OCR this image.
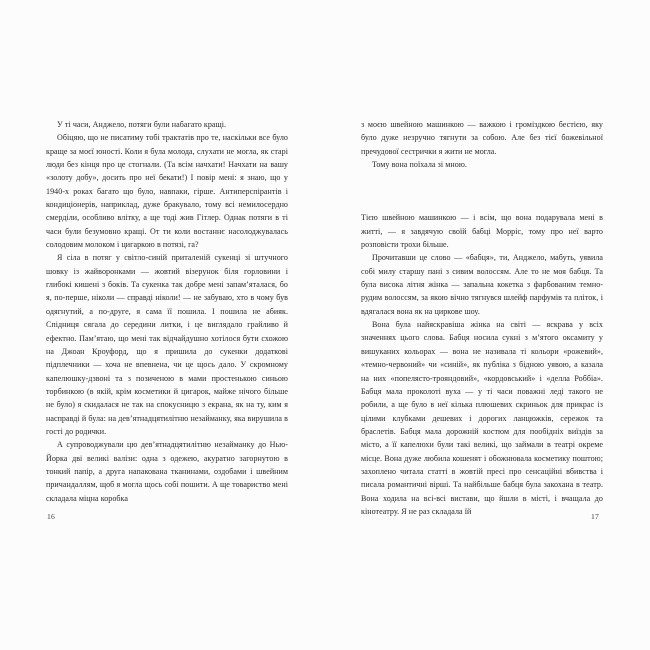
У ті часи, Анджело, потяги були набагато кращі.

Обіцяю, що не писатиму тобі трактатів про те, наскільки все було краще за моєї юності. Коли я була молода, слухати не могла, як старі люди без кінця про це стогнали. (Та всім начхати! Начхати на вашу «золоту добу», досить про неї бекати!) І повір мені: я знаю, що у 1940-х роках багато що було, навпаки, гірше. Антиперспірантів і кондиціонерів, наприклад, дуже бракувало, тому всі немилосердно смерділи, особливо влітку, а ще тоді жив Гітлер. Однак потяги в ті часи були безумовно кращі. От ти коли востаннє насолоджувалась солодовим молоком і цигаркою в потязі, га?

Я сіла в потяг у світло-синій приталеній сукенці зі штучного шовку із жайворонками — жовтий візерунок біля горловини і глибокі кишені з боків. Та сукенка так добре мені запам’яталася, бо я, по-перше, ніколи — справді ніколи! — не забуваю, хто в чому був одягнутий, а по-друге, я сама її пошила. І пошила не абияк. Спідниця сягала до середини литки, і це виглядало грайливо й ефектно. Пам’ятаю, що мені так відчайдушно хотілося бути схожою на Джоан Кроуфорд, що я пришила до сукенки додаткові підплечники — хоча не впевнена, чи це щось дало. У скромному капелюшку-дзвоні та з позиченою в мами простенькою синьою торбинкою (в якій, крім косметики й цигарок, майже нічого більше не було) я скидалася не так на спокусницю з екрана, як на ту, ким я насправді й була: на дев’ятнадцятилітню незайманку, яка вирушила в гості до родички.

А супроводжували цю дев’ятнадцятилітню незайманку до Нью-Йорка дві великі валізи: одна з одежею, акуратно загорнутою в тонкий папір, а друга напакована тканинами, оздобами і швейним причандаллям, щоб я могла щось собі пошити. А ще товариство мені складала міцна коробка

з моєю швейною машинкою — важкою і громіздкою бестією, яку було дуже незручно тягнути за собою. Але без тієї божевільної пречудової сестрички я жити не могла.

Тому вона поїхала зі мною.

Тією швейною машинкою — і всім, що вона подарувала мені в житті, — я завдячую своїй бабці Морріс, тому про неї варто розповісти трохи більше.

Прочитавши це слово — «бабця», ти, Анджело, мабуть, уявила собі милу старшу пані з сивим волоссям. Але то не моя бабця. Та була висока літня жінка — запальна кокетка з фарбованим темно-рудим волоссям, за якою вічно тягнувся шлейф парфумів та пліток, і вдягалася вона як на циркове шоу.

Вона була найяскравіша жінка на світі — яскрава у всіх значеннях цього слова. Бабця носила сукні з м’ятого оксамиту у вишуканих кольорах — вона не називала ті кольори «рожевий», «темно-червоний» чи «синій», як публіка з бідною уявою, а казала на них «попелясто-трояндовий», «кордовський» і «делла Роббіа». Бабця мала проколоті вуха — у ті часи поважні леді такого не робили, а ще було в неї кілька плюшевих скриньок для прикрас із цілими клубками дешевих і дорогих ланцюжків, сережок та браслетів. Бабця мала дорожній костюм для пообідніх виїздів за місто, а її капелюхи були такі великі, що займали в театрі окреме місце. Вона дуже любила кошенят і обожнювала косметику поштою; захоплено читала статті в жовтій пресі про сенсаційні вбивства і писала романтичні вірші. Та найбільше бабця була закохана в театр. Вона ходила на всі-всі вистави, що йшли в місті, і вчащала до кінотеатру. Я не раз складала їй

16	17
